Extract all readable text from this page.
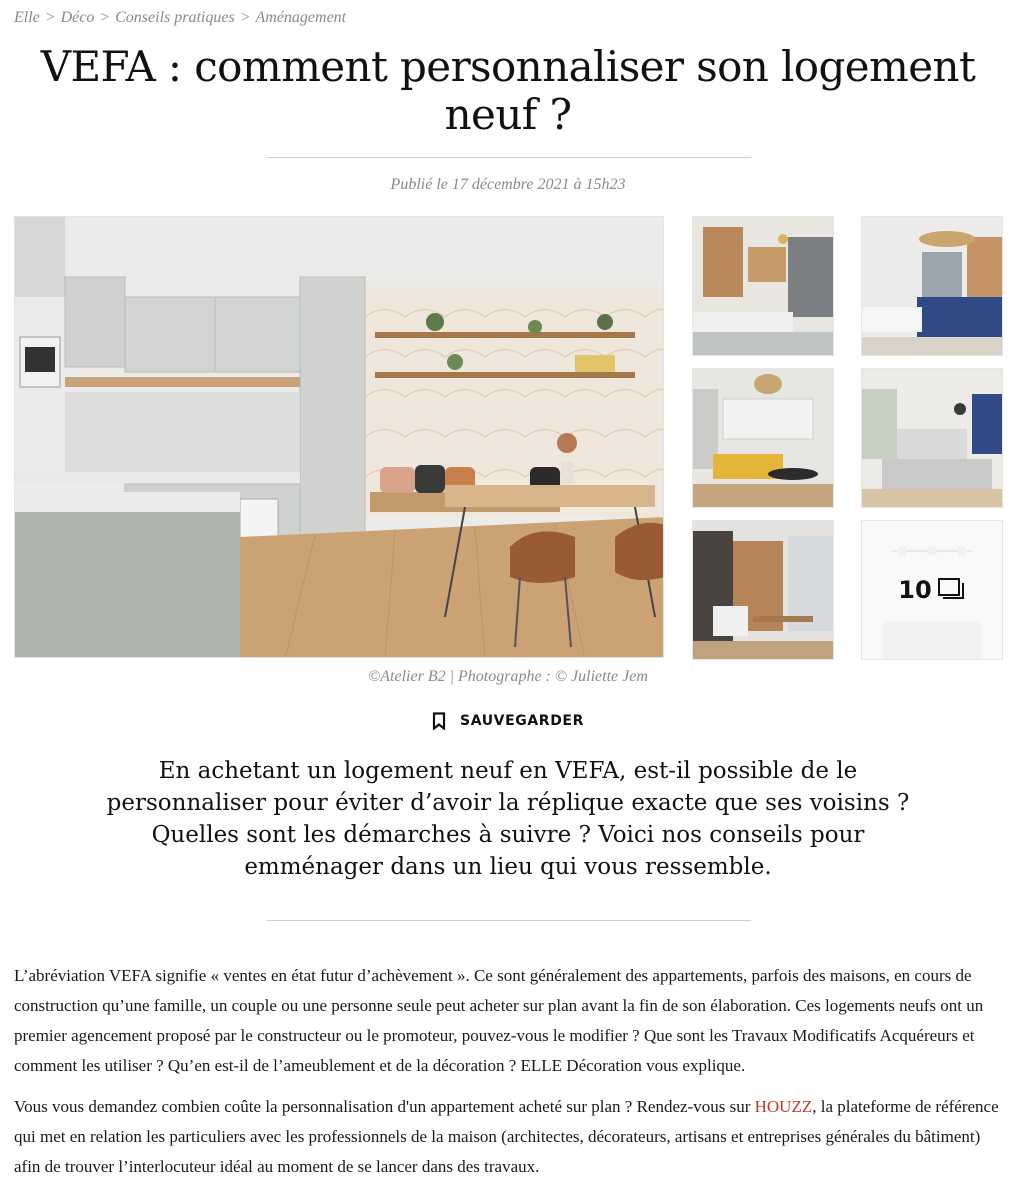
Elle > Déco > Conseils pratiques > Aménagement
VEFA : comment personnaliser son logement neuf ?
Publié le 17 décembre 2021 à 15h23
10
©Atelier B2 | Photographe : © Juliette Jem
SAUVEGARDER

En achetant un logement neuf en VEFA, est-il possible de le personnaliser pour éviter d’avoir la réplique exacte que ses voisins ? Quelles sont les démarches à suivre ? Voici nos conseils pour emménager dans un lieu qui vous ressemble.

L’abréviation VEFA signifie « ventes en état futur d’achèvement ». Ce sont généralement des appartements, parfois des maisons, en cours de construction qu’une famille, un couple ou une personne seule peut acheter sur plan avant la fin de son élaboration. Ces logements neufs ont un premier agencement proposé par le constructeur ou le promoteur, pouvez-vous le modifier ? Que sont les Travaux Modificatifs Acquéreurs et comment les utiliser ? Qu’en est-il de l’ameublement et de la décoration ? ELLE Décoration vous explique.

Vous vous demandez combien coûte la personnalisation d'un appartement acheté sur plan ? Rendez-vous sur HOUZZ, la plateforme de référence qui met en relation les particuliers avec les professionnels de la maison (architectes, décorateurs, artisans et entreprises générales du bâtiment) afin de trouver l’interlocuteur idéal au moment de se lancer dans des travaux.
